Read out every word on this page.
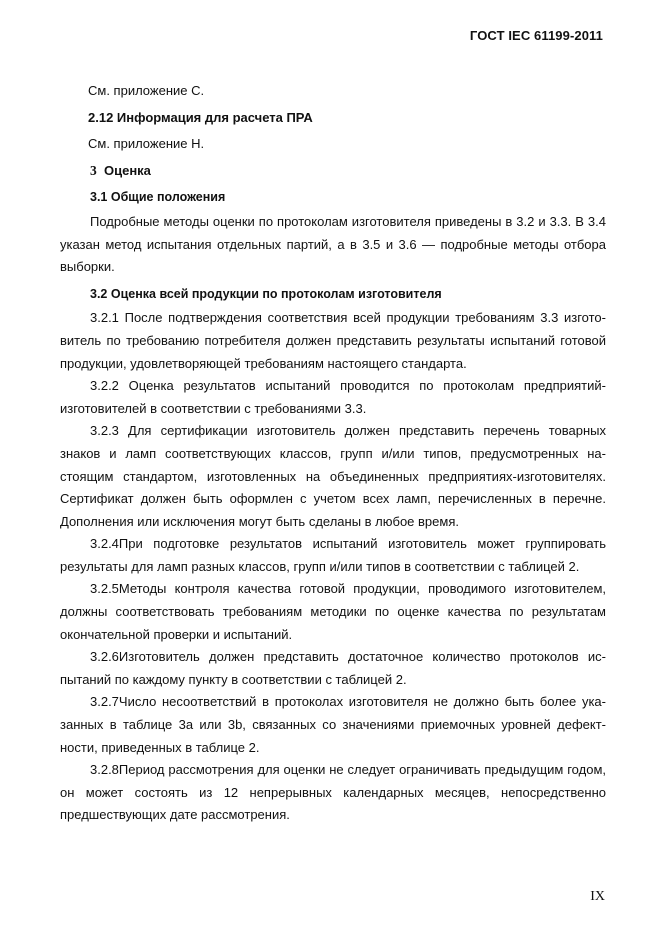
ГОСТ IEC 61199-2011
См. приложение С.
2.12 Информация для расчета ПРА
См. приложение Н.
3 Оценка
3.1 Общие положения

Подробные методы оценки по протоколам изготовителя приведены в 3.2 и 3.3. В 3.4 указан метод испытания отдельных партий, а в 3.5 и 3.6 — подробные методы отбора выборки.

3.2 Оценка всей продукции по протоколам изготовителя

3.2.1 После подтверждения соответствия всей продукции требованиям 3.3 изготовитель по требованию потребителя должен представить результаты испытаний готовой продукции, удовлетворяющей требованиям настоящего стандарта.

3.2.2 Оценка результатов испытаний проводится по протоколам предприятий-изготовителей в соответствии с требованиями 3.3.

3.2.3 Для сертификации изготовитель должен представить перечень товарных знаков и ламп соответствующих классов, групп и/или типов, предусмотренных настоящим стандартом, изготовленных на объединенных предприятиях-изготовителях. Сертификат должен быть оформлен с учетом всех ламп, перечисленных в перечне. Дополнения или исключения могут быть сделаны в любое время.

3.2.4При подготовке результатов испытаний изготовитель может группировать результаты для ламп разных классов, групп и/или типов в соответствии с таблицей 2.

3.2.5Методы контроля качества готовой продукции, проводимого изготовителем, должны соответствовать требованиям методики по оценке качества по результатам окончательной проверки и испытаний.

3.2.6Изготовитель должен представить достаточное количество протоколов испытаний по каждому пункту в соответствии с таблицей 2.

3.2.7Число несоответствий в протоколах изготовителя не должно быть более указанных в таблице 3а или 3b, связанных со значениями приемочных уровней дефектности, приведенных в таблице 2.

3.2.8Период рассмотрения для оценки не следует ограничивать предыдущим годом, он может состоять из 12 непрерывных календарных месяцев, непосредственно предшествующих дате рассмотрения.

IX
